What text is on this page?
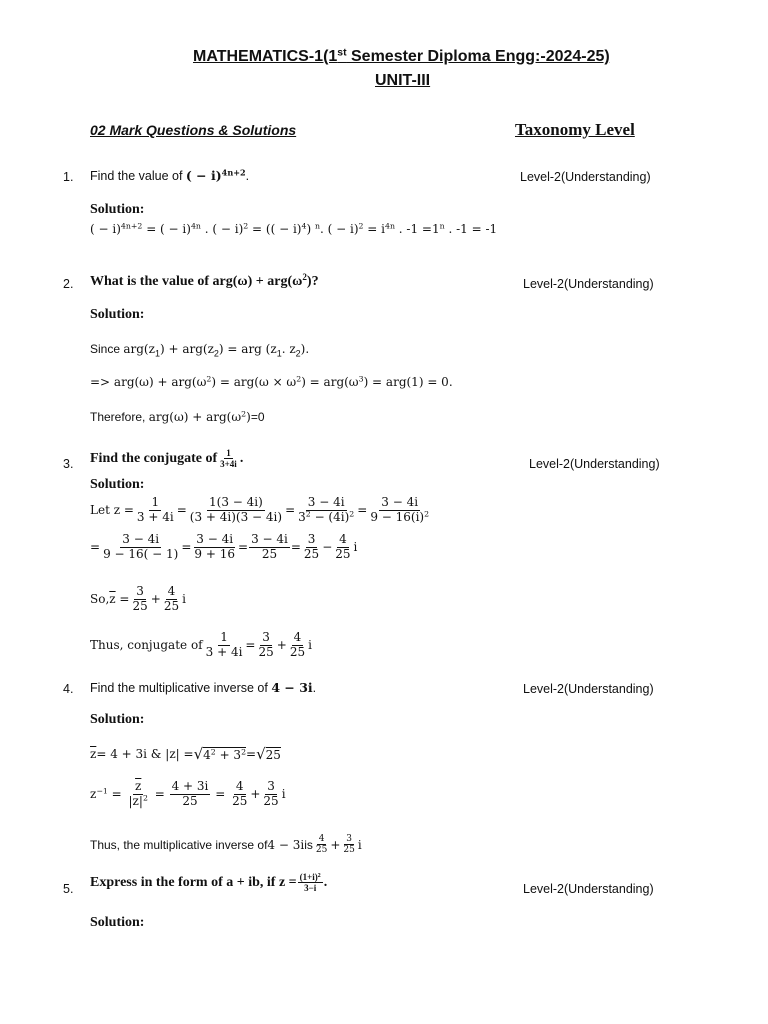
MATHEMATICS-1(1st Semester Diploma Engg:-2024-25)
UNIT-III
02 Mark Questions & Solutions	Taxonomy Level
1. Find the value of ( − i)$^{4n+2}$.	Level-2(Understanding)
Solution:
( − i)$^{4n+2}$ = ( − i)$^{4n}$ . ( − i)$^2$ = (( − i)$^4$) $^n$. ( − $i)^2 = i^{4n}$ . $-1 =1^n$ . -1 = -1
2. What is the value of $arg(\omega) + arg(\omega^2)$?	Level-2(Understanding)
Solution:
Since $arg(z_1) + arg(z_2)$ = arg ($z_1$. $z_2$).
=> $arg(\omega) + arg(\omega^2) = arg(\omega \times \omega^2) = arg(\omega^3) = arg(1) = 0$.
Therefore, $arg(\omega) + arg(\omega^2)=0$
3. Find the conjugate of $\frac{1}{3+4i}$ .	Level-2(Understanding)
Solution:
Let $z = \frac{1}{3 + 4i} = \frac{1(3 - 4i)}{(3 + 4i)(3 - 4i)} = \frac{3 - 4i}{3^2 - (4i)^2} = \frac{3 - 4i}{9 - 16(i)^2}$
= $\frac{3 - 4i}{9 - 16( - 1)} = \frac{3 - 4i}{9 + 16} = \frac{3 - 4i}{25} = \frac{3}{25} - \frac{4}{25}$ i
So, $\overline{z}$
= $\frac{3}{25} + \frac{4}{25}$ i
Thus, conjugate of $\frac{1}{3 + 4i} = \frac{3}{25} + \frac{4}{25}$ i
4. Find the multiplicative inverse of 4 − 3i.	Level-2(Understanding)
Solution:
$\overline{z} = 4 + 3i$ & |z| = √ $4^2 + 3^2$ = √ 25
$z^{-1} = \frac{\overline{z}}{|z|^2} = \frac{4 + 3i}{25} = \frac{4}{25} + \frac{3}{25}$ i
Thus, the multiplicative inverse of 4 − 3i is $\frac{4}{25} + \frac{3}{25}$ i
5. Express in the form of a + ib, if $z = \frac{(1+i)^2}{3-i}$ .	Level-2(Understanding)
Solution:
